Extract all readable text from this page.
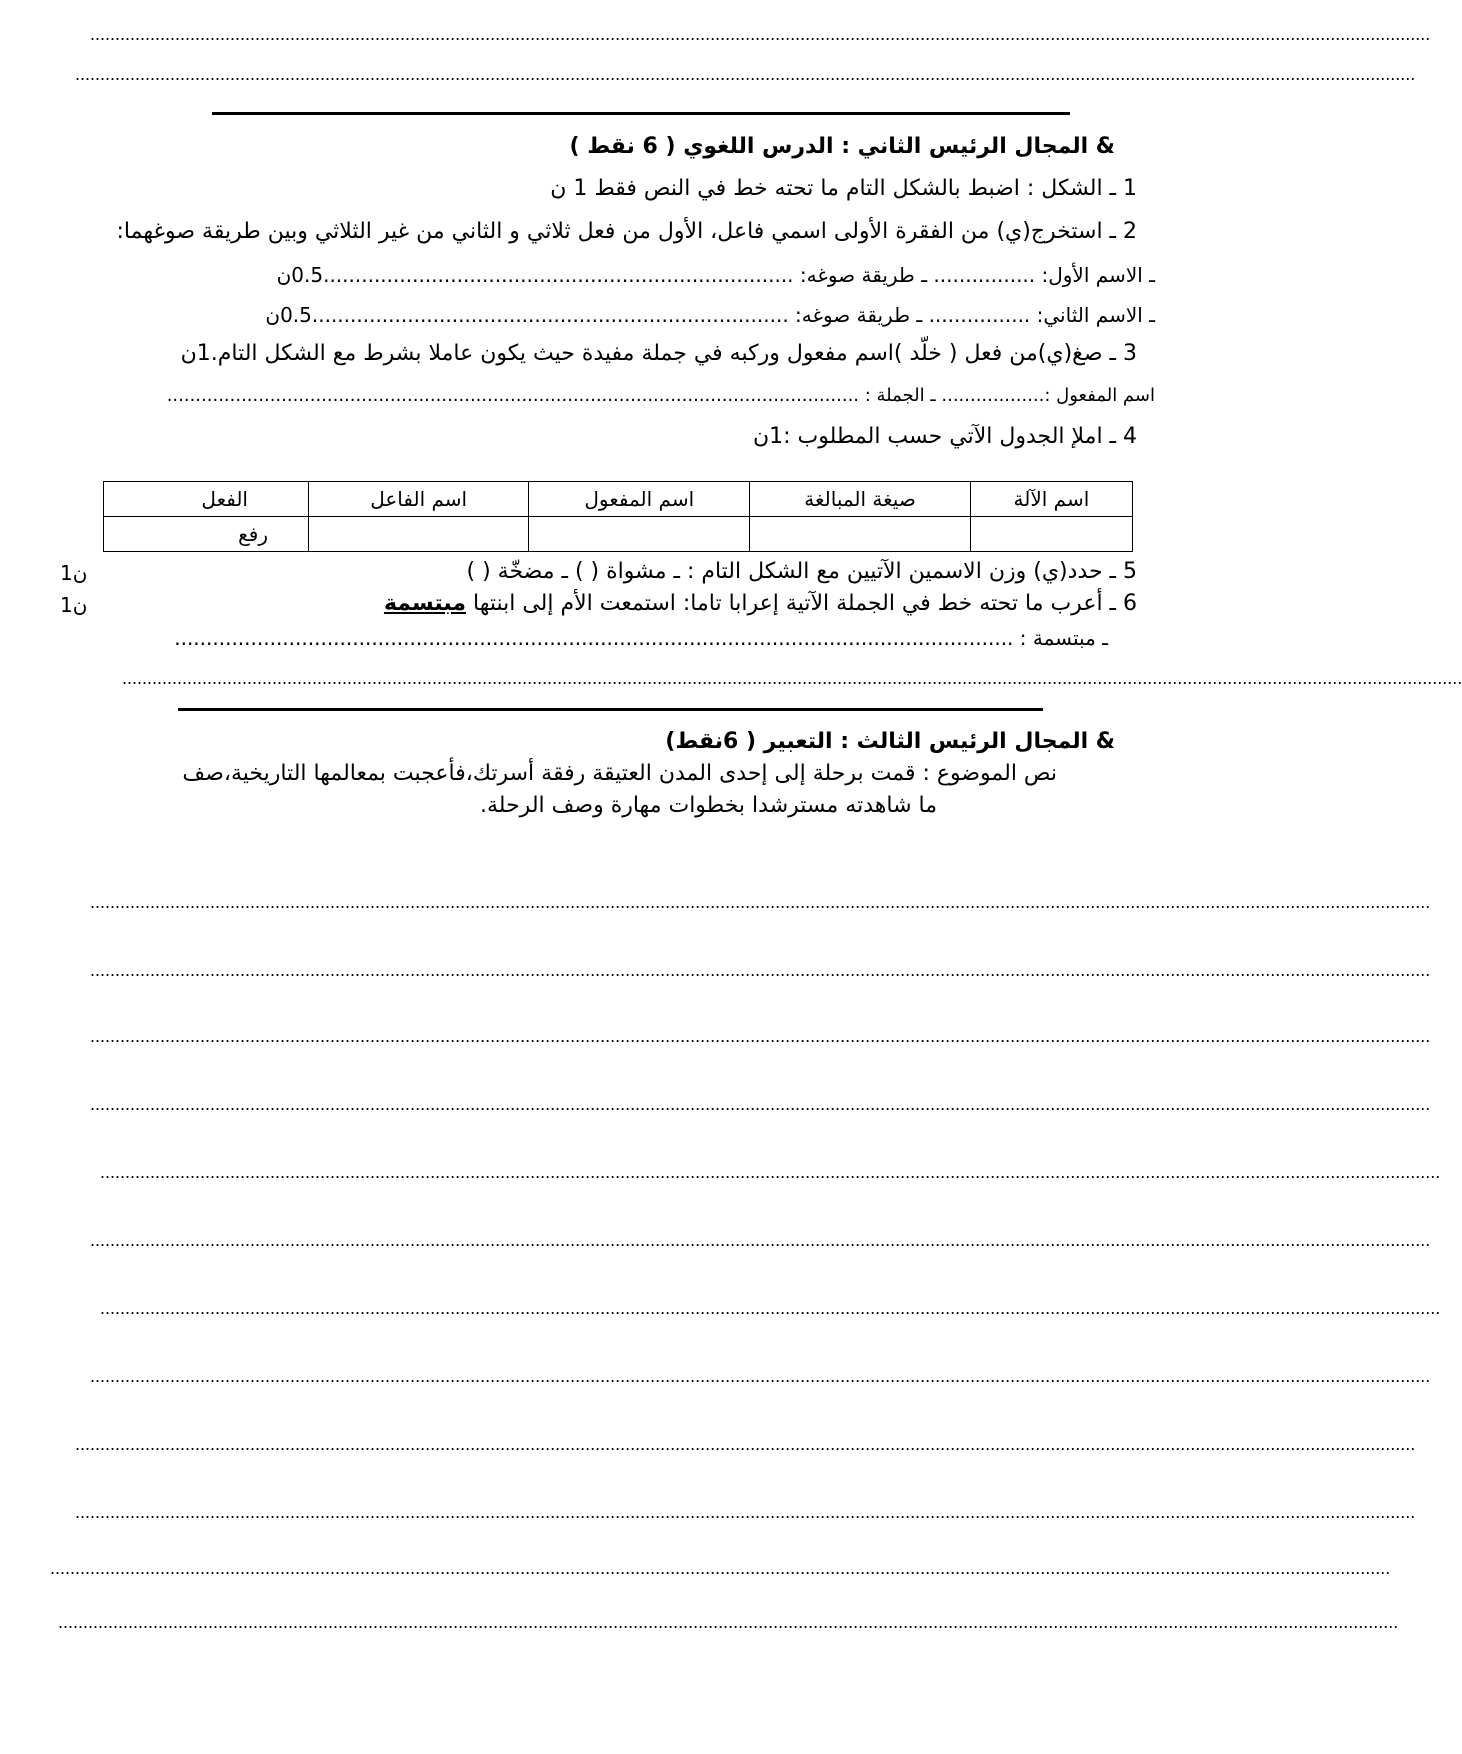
............................................................................................................................................................................................................................................................................
............................................................................................................................................................................................................................................................................
& المجال الرئيس الثاني : الدرس اللغوي ( 6 نقط )
1 ـ الشكل : اضبط بالشكل التام ما تحته خط في النص فقط 1 ن
2 ـ استخرج(ي) من الفقرة الأولى اسمي فاعل، الأول من فعل ثلاثي و الثاني من غير الثلاثي وبين طريقة صوغهما:
ـ الاسم الأول: ................ ـ طريقة صوغه: ..........................................................................0.5ن
ـ الاسم الثاني: ................ ـ طريقة صوغه: ...........................................................................0.5ن
3 ـ صغ(ي)من فعل ( خلّد )اسم مفعول وركبه في جملة مفيدة حيث يكون عاملا بشرط مع الشكل التام.1ن
اسم المفعول :.................. ـ الجملة : .........................................................................................................................
4 ـ املإ الجدول الآتي حسب المطلوب :1ن
الفعل	اسم الفاعل	اسم المفعول	صيغة المبالغة	اسم الآلة
رفع				
5 ـ حدد(ي) وزن الاسمين الآتيين مع الشكل التام : ـ مشواة ( ) ـ مضخّة ( )
1ن
6 ـ أعرب ما تحته خط في الجملة الآتية إعرابا تاما: استمعت الأم إلى ابنتها مبتسمة
1ن
ـ مبتسمة : ....................................................................................................................................
............................................................................................................................................................................................................................................................................
& المجال الرئيس الثالث : التعبير ( 6نقط)
نص الموضوع : قمت برحلة إلى إحدى المدن العتيقة رفقة أسرتك،فأعجبت بمعالمها التاريخية،صف
ما شاهدته مسترشدا بخطوات مهارة وصف الرحلة.
............................................................................................................................................................................................................................................................................
............................................................................................................................................................................................................................................................................
............................................................................................................................................................................................................................................................................
............................................................................................................................................................................................................................................................................
............................................................................................................................................................................................................................................................................
............................................................................................................................................................................................................................................................................
............................................................................................................................................................................................................................................................................
............................................................................................................................................................................................................................................................................
............................................................................................................................................................................................................................................................................
............................................................................................................................................................................................................................................................................
............................................................................................................................................................................................................................................................................
............................................................................................................................................................................................................................................................................
